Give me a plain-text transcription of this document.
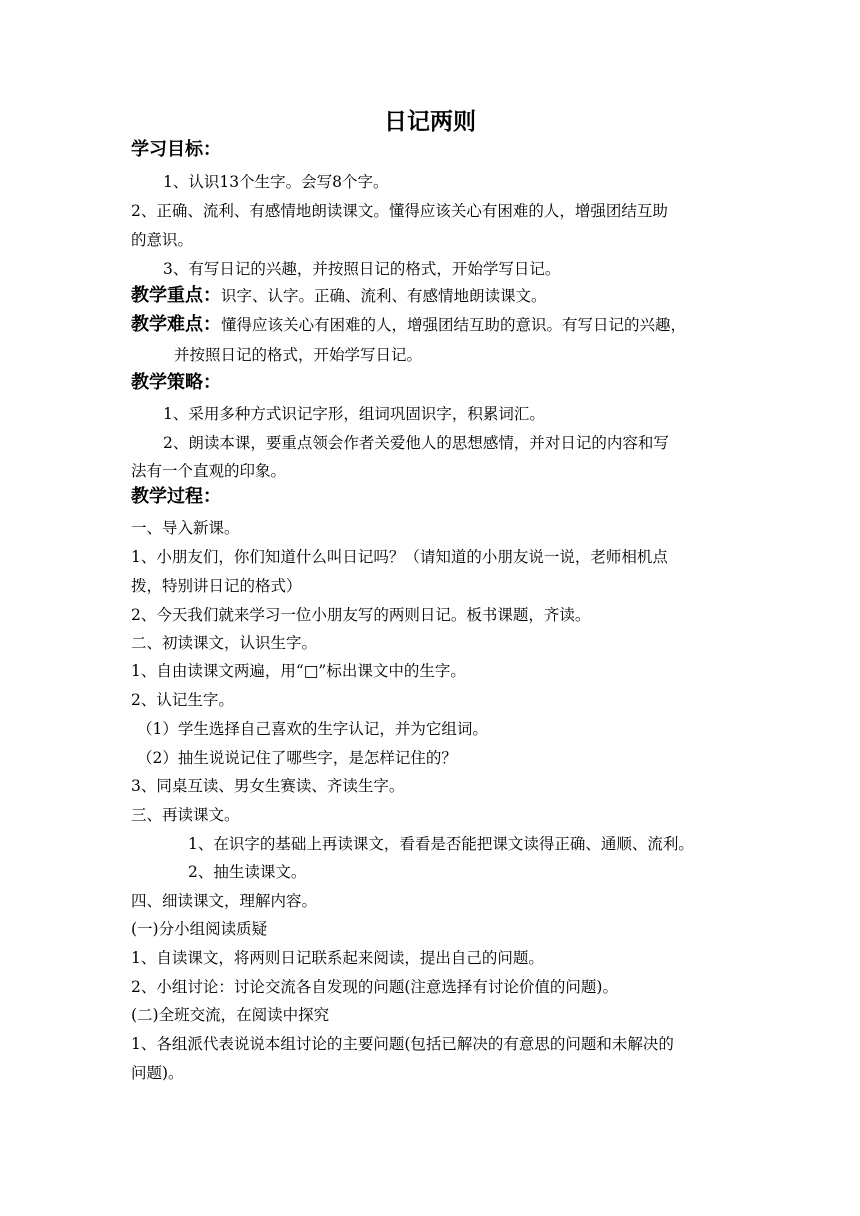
日记两则
学习目标：
1、认识13个生字。会写8个字。
2、正确、流利、有感情地朗读课文。懂得应该关心有困难的人，增强团结互助
的意识。
3、有写日记的兴趣，并按照日记的格式，开始学写日记。
教学重点：识字、认字。正确、流利、有感情地朗读课文。
教学难点：懂得应该关心有困难的人，增强团结互助的意识。有写日记的兴趣，
并按照日记的格式，开始学写日记。
教学策略：
1、采用多种方式识记字形，组词巩固识字，积累词汇。
2、朗读本课，要重点领会作者关爱他人的思想感情，并对日记的内容和写
法有一个直观的印象。
教学过程：
一、导入新课。
1、小朋友们，你们知道什么叫日记吗？（请知道的小朋友说一说，老师相机点
拨，特别讲日记的格式）
2、今天我们就来学习一位小朋友写的两则日记。板书课题，齐读。
二、初读课文，认识生字。
1、自由读课文两遍，用“□”标出课文中的生字。
2、认记生字。
（1）学生选择自己喜欢的生字认记，并为它组词。
（2）抽生说说记住了哪些字，是怎样记住的？
3、同桌互读、男女生赛读、齐读生字。
三、再读课文。
1、在识字的基础上再读课文，看看是否能把课文读得正确、通顺、流利。
2、抽生读课文。
四、细读课文，理解内容。
(一)分小组阅读质疑
1、自读课文，将两则日记联系起来阅读，提出自己的问题。
2、小组讨论：讨论交流各自发现的问题(注意选择有讨论价值的问题)。
(二)全班交流，在阅读中探究
1、各组派代表说说本组讨论的主要问题(包括已解决的有意思的问题和未解决的
问题)。
